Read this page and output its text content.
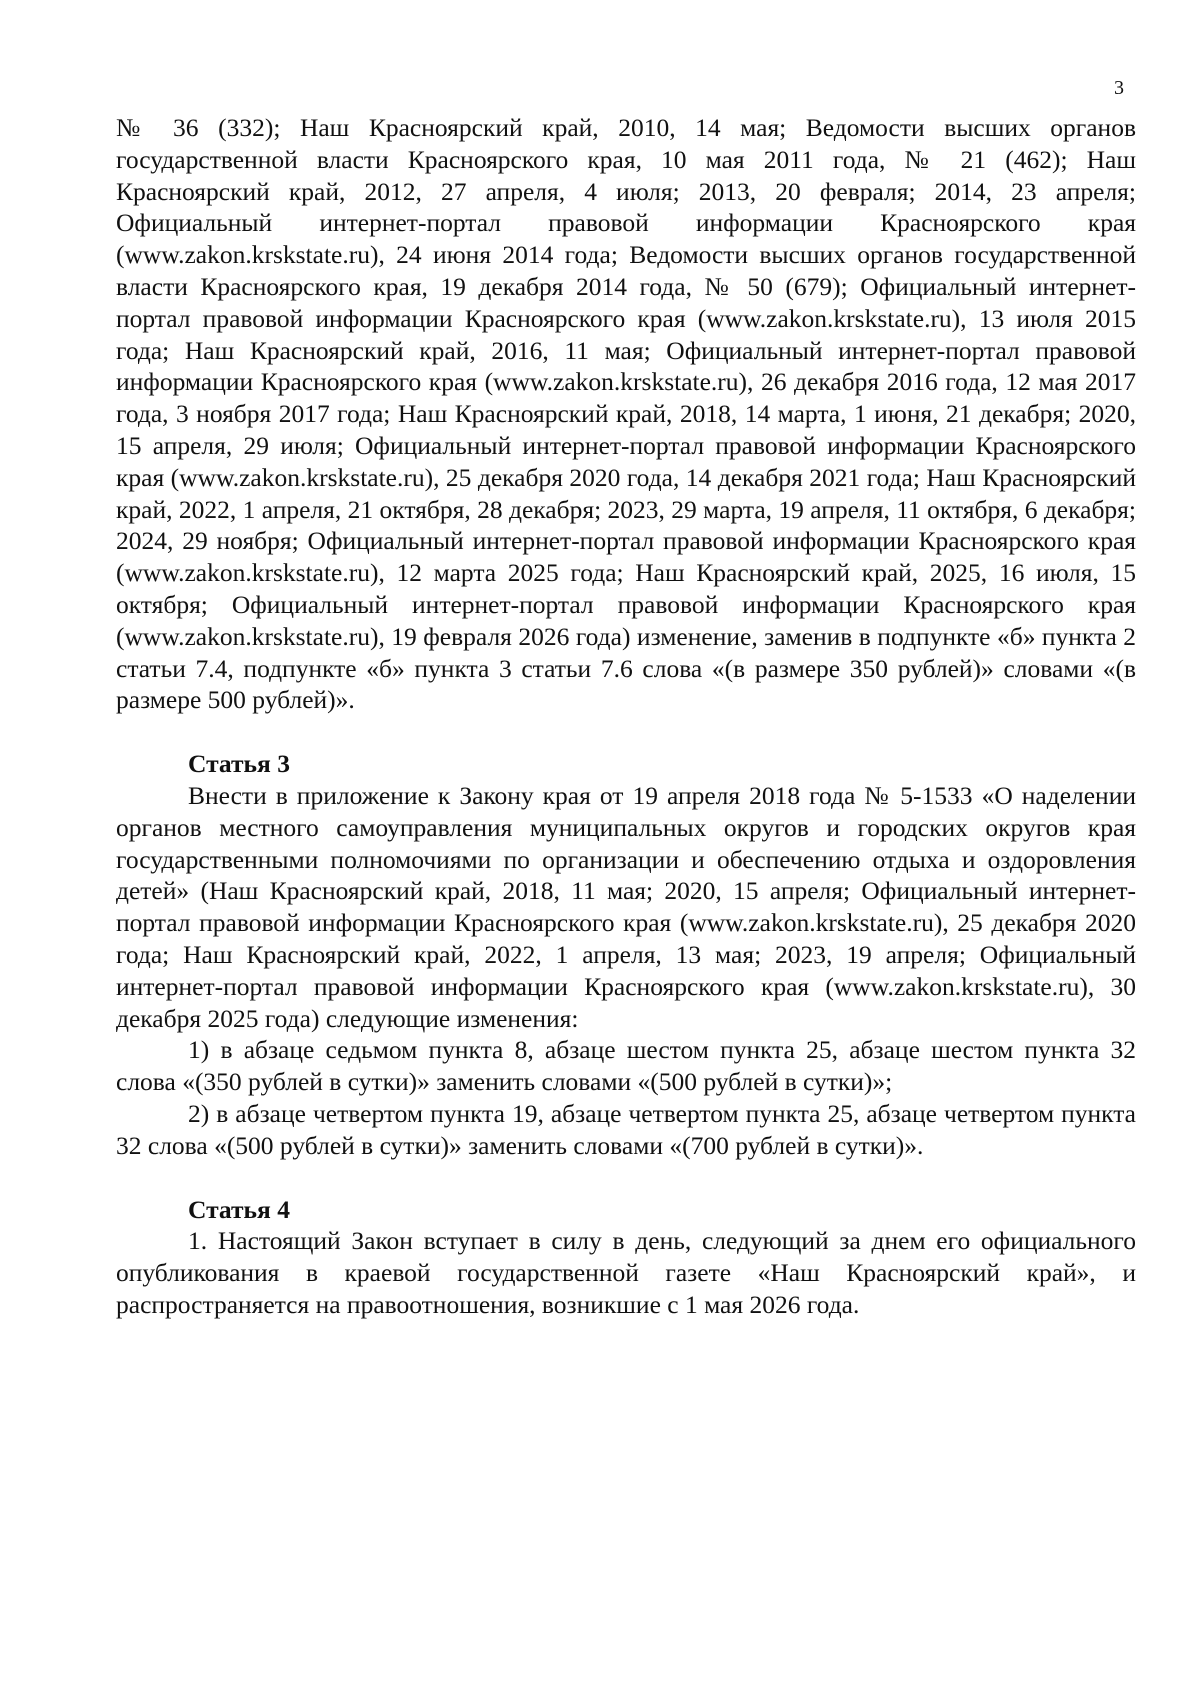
3

№ 36 (332); Наш Красноярский край, 2010, 14 мая; Ведомости высших органов государственной власти Красноярского края, 10 мая 2011 года, № 21 (462); Наш Красноярский край, 2012, 27 апреля, 4 июля; 2013, 20 февраля; 2014, 23 апреля; Официальный интернет-портал правовой информации Красноярского края (www.zakon.krskstate.ru), 24 июня 2014 года; Ведомости высших органов государственной власти Красноярского края, 19 декабря 2014 года, № 50 (679); Официальный интернет-портал правовой информации Красноярского края (www.zakon.krskstate.ru), 13 июля 2015 года; Наш Красноярский край, 2016, 11 мая; Официальный интернет-портал правовой информации Красноярского края (www.zakon.krskstate.ru), 26 декабря 2016 года, 12 мая 2017 года, 3 ноября 2017 года; Наш Красноярский край, 2018, 14 марта, 1 июня, 21 декабря; 2020, 15 апреля, 29 июля; Официальный интернет-портал правовой информации Красноярского края (www.zakon.krskstate.ru), 25 декабря 2020 года, 14 декабря 2021 года; Наш Красноярский край, 2022, 1 апреля, 21 октября, 28 декабря; 2023, 29 марта, 19 апреля, 11 октября, 6 декабря; 2024, 29 ноября; Официальный интернет-портал правовой информации Красноярского края (www.zakon.krskstate.ru), 12 марта 2025 года; Наш Красноярский край, 2025, 16 июля, 15 октября; Официальный интернет-портал правовой информации Красноярского края (www.zakon.krskstate.ru), 19 февраля 2026 года) изменение, заменив в подпункте «б» пункта 2 статьи 7.4, подпункте «б» пункта 3 статьи 7.6 слова «(в размере 350 рублей)» словами «(в размере 500 рублей)».

Статья 3

Внести в приложение к Закону края от 19 апреля 2018 года № 5-1533 «О наделении органов местного самоуправления муниципальных округов и городских округов края государственными полномочиями по организации и обеспечению отдыха и оздоровления детей» (Наш Красноярский край, 2018, 11 мая; 2020, 15 апреля; Официальный интернет-портал правовой информации Красноярского края (www.zakon.krskstate.ru), 25 декабря 2020 года; Наш Красноярский край, 2022, 1 апреля, 13 мая; 2023, 19 апреля; Официальный интернет-портал правовой информации Красноярского края (www.zakon.krskstate.ru), 30 декабря 2025 года) следующие изменения:

1) в абзаце седьмом пункта 8, абзаце шестом пункта 25, абзаце шестом пункта 32 слова «(350 рублей в сутки)» заменить словами «(500 рублей в сутки)»;

2) в абзаце четвертом пункта 19, абзаце четвертом пункта 25, абзаце четвертом пункта 32 слова «(500 рублей в сутки)» заменить словами «(700 рублей в сутки)».

Статья 4

1. Настоящий Закон вступает в силу в день, следующий за днем его официального опубликования в краевой государственной газете «Наш Красноярский край», и распространяется на правоотношения, возникшие с 1 мая 2026 года.
